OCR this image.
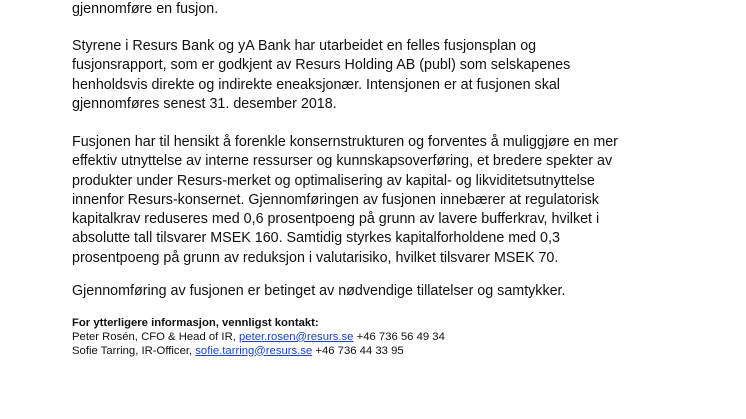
gjennomføre en fusjon.

Styrene i Resurs Bank og yA Bank har utarbeidet en felles fusjonsplan og
fusjonsrapport, som er godkjent av Resurs Holding AB (publ) som selskapenes
henholdsvis direkte og indirekte eneaksjonær. Intensjonen er at fusjonen skal
gjennomføres senest 31. desember 2018.

Fusjonen har til hensikt å forenkle konsernstrukturen og forventes å muliggjøre en mer
effektiv utnyttelse av interne ressurser og kunnskapsoverføring, et bredere spekter av
produkter under Resurs-merket og optimalisering av kapital- og likviditetsutnyttelse
innenfor Resurs-konsernet. Gjennomføringen av fusjonen innebærer at regulatorisk
kapitalkrav reduseres med 0,6 prosentpoeng på grunn av lavere bufferkrav, hvilket i
absolutte tall tilsvarer MSEK 160. Samtidig styrkes kapitalforholdene med 0,3
prosentpoeng på grunn av reduksjon i valutarisiko, hvilket tilsvarer MSEK 70.

Gjennomføring av fusjonen er betinget av nødvendige tillatelser og samtykker.

For ytterligere informasjon, vennligst kontakt:
Peter Rosén, CFO & Head of IR, peter.rosen@resurs.se +46 736 56 49 34
Sofie Tarring, IR-Officer, sofie.tarring@resurs.se +46 736 44 33 95
